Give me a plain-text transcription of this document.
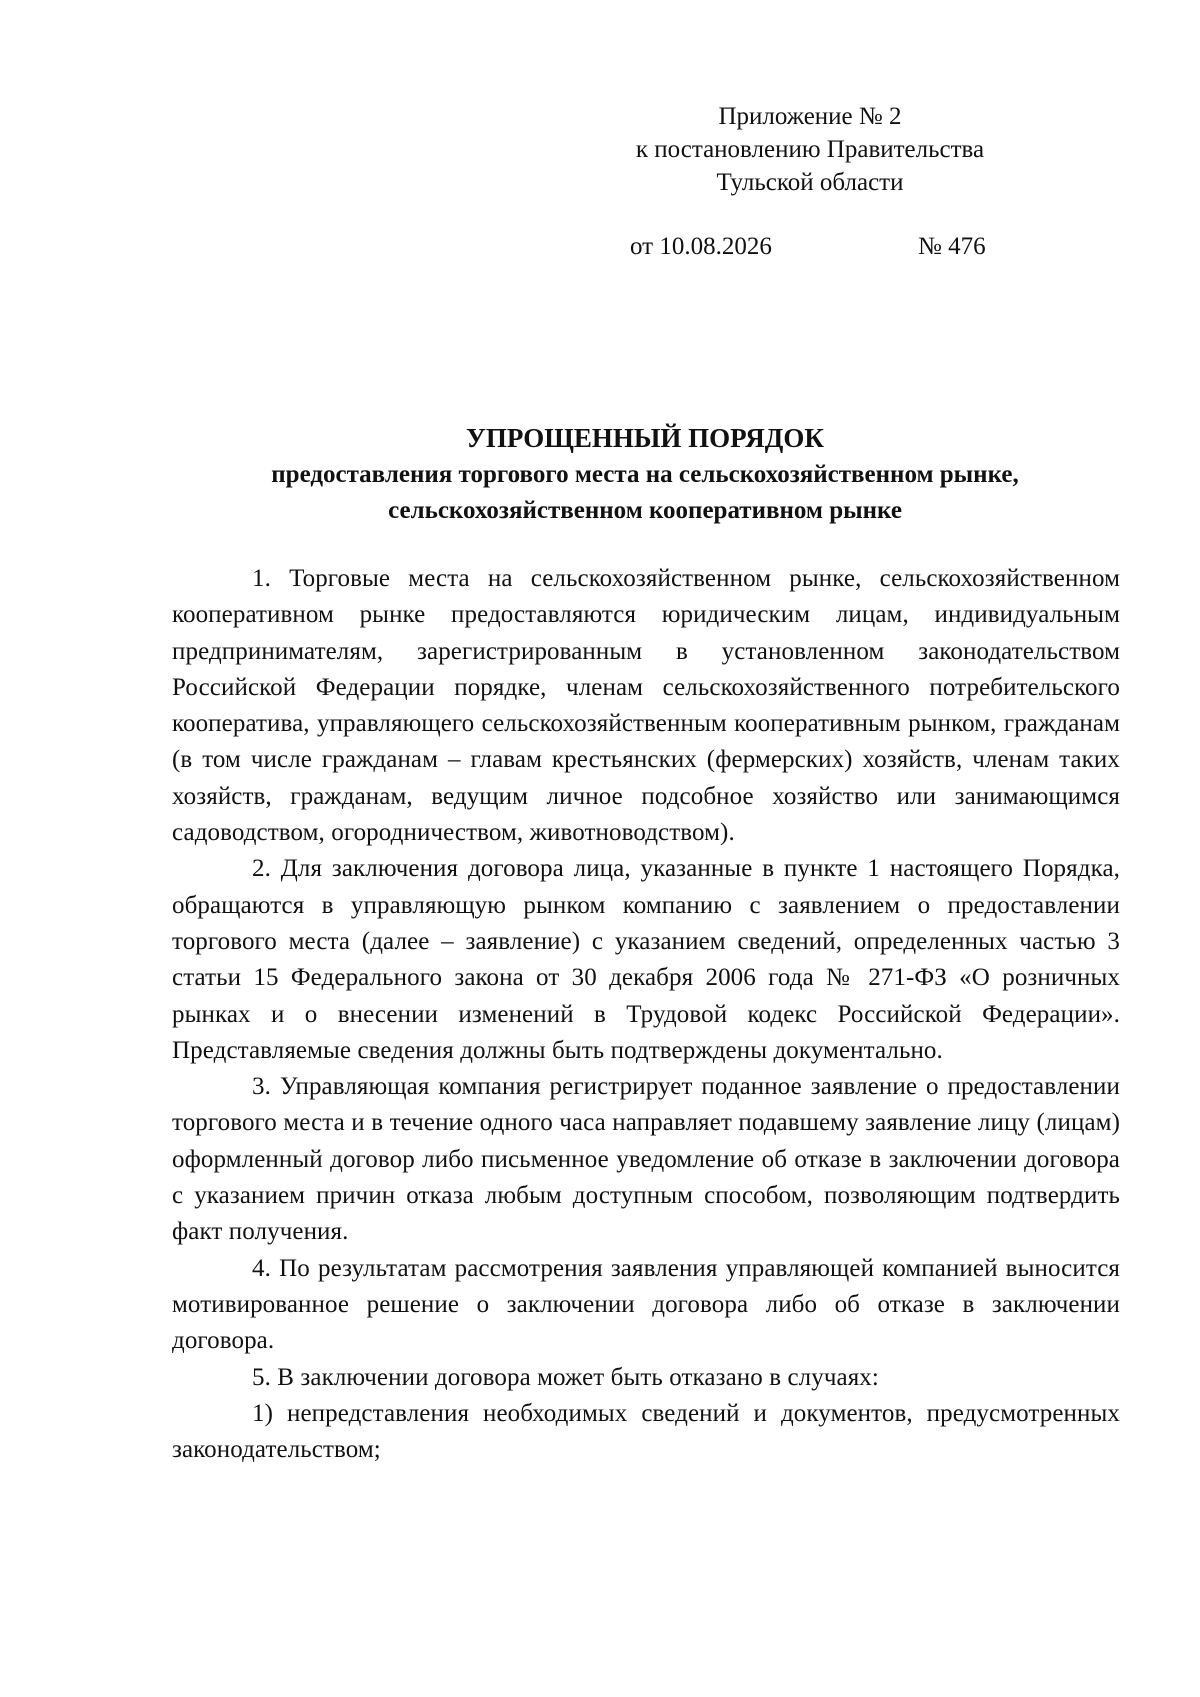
Приложение № 2
к постановлению Правительства
Тульской области
от 10.08.2026	№ 476
УПРОЩЕННЫЙ ПОРЯДОК
предоставления торгового места на сельскохозяйственном рынке,
сельскохозяйственном кооперативном рынке

1. Торговые места на сельскохозяйственном рынке, сельскохозяйственном кооперативном рынке предоставляются юридическим лицам, индивидуальным предпринимателям, зарегистрированным в установленном законодательством Российской Федерации порядке, членам сельскохозяйственного потребительского кооператива, управляющего сельскохозяйственным кооперативным рынком, гражданам (в том числе гражданам – главам крестьянских (фермерских) хозяйств, членам таких хозяйств, гражданам, ведущим личное подсобное хозяйство или занимающимся садоводством, огородничеством, животноводством).

2. Для заключения договора лица, указанные в пункте 1 настоящего Порядка, обращаются в управляющую рынком компанию с заявлением о предоставлении торгового места (далее – заявление) с указанием сведений, определенных частью 3 статьи 15 Федерального закона от 30 декабря 2006 года № 271-ФЗ «О розничных рынках и о внесении изменений в Трудовой кодекс Российской Федерации». Представляемые сведения должны быть подтверждены документально.

3. Управляющая компания регистрирует поданное заявление о предоставлении торгового места и в течение одного часа направляет подавшему заявление лицу (лицам) оформленный договор либо письменное уведомление об отказе в заключении договора с указанием причин отказа любым доступным способом, позволяющим подтвердить факт получения.

4. По результатам рассмотрения заявления управляющей компанией выносится мотивированное решение о заключении договора либо об отказе в заключении договора.

5. В заключении договора может быть отказано в случаях:

1) непредставления необходимых сведений и документов, предусмотренных законодательством;
